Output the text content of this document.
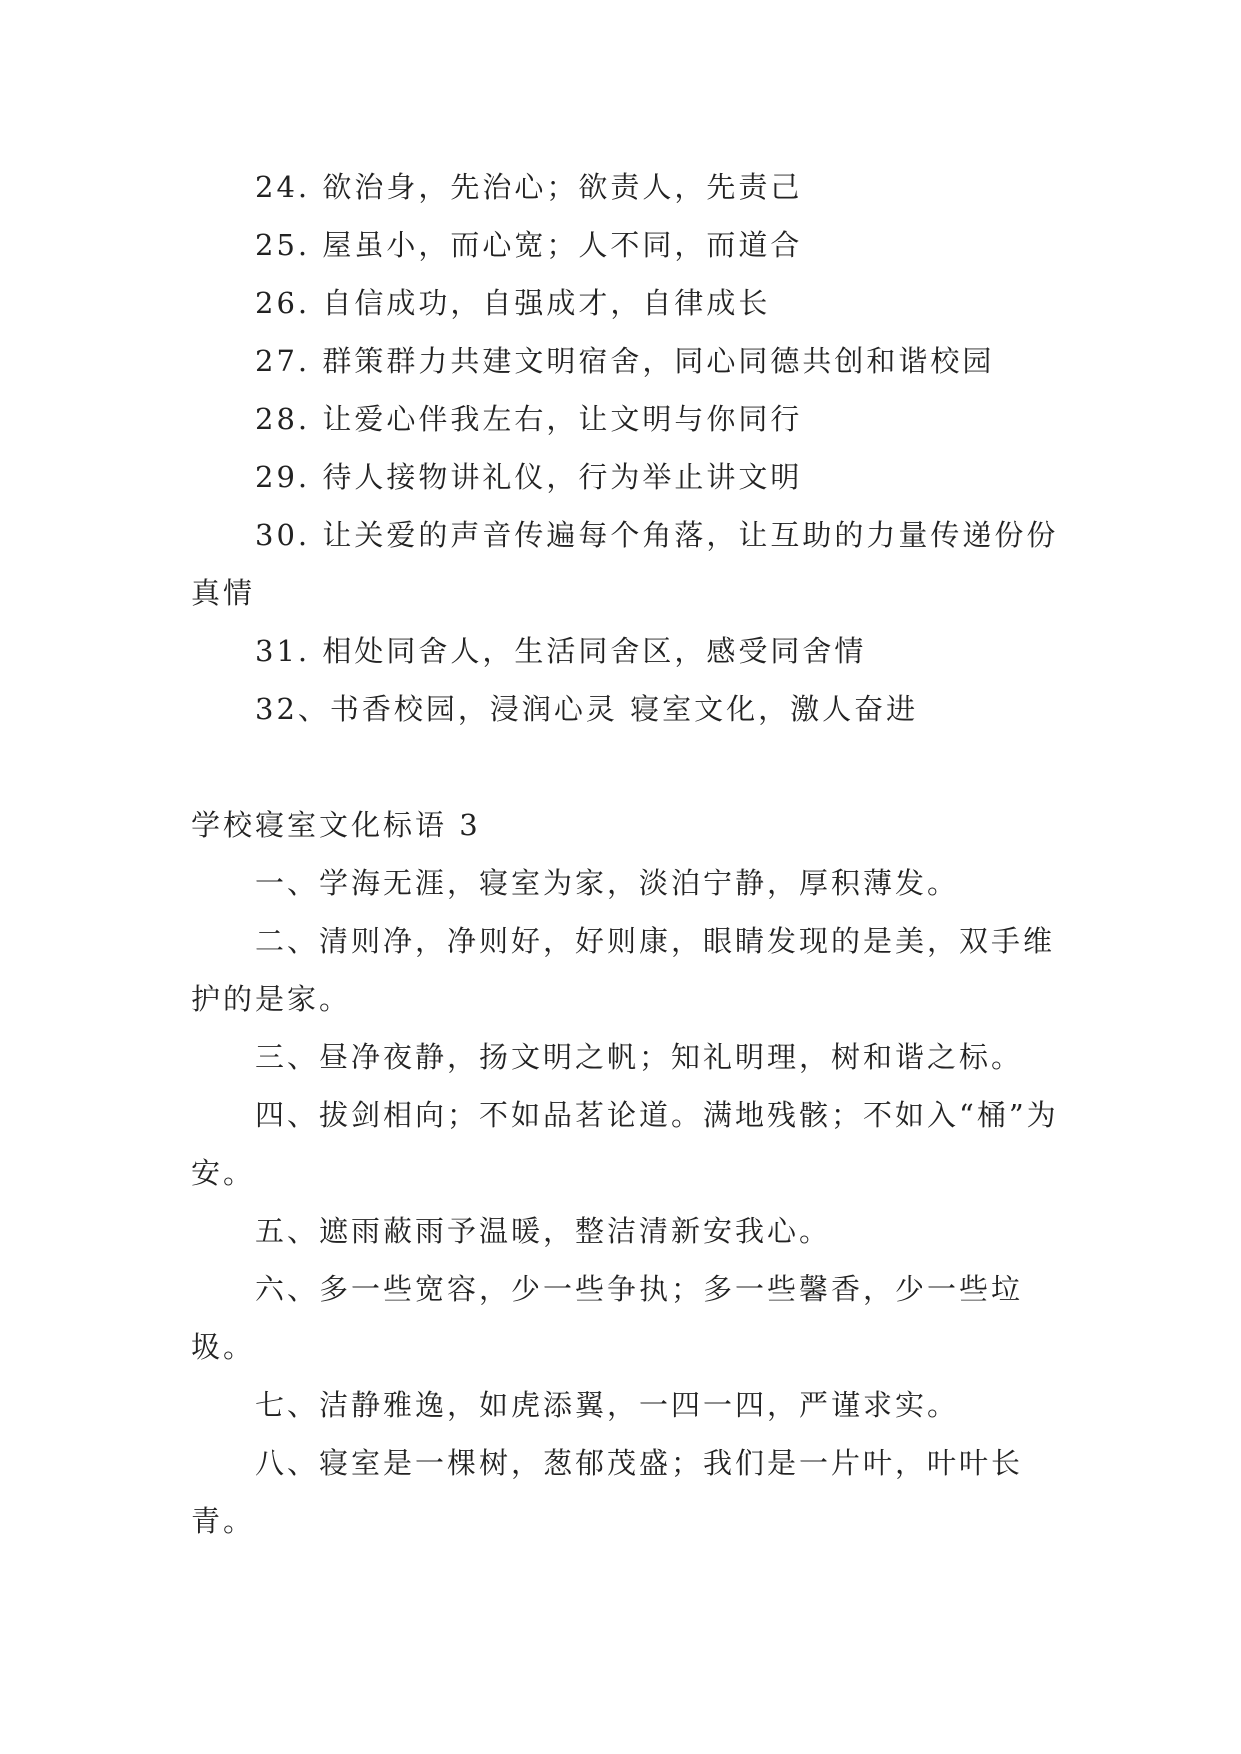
24. 欲治身，先治心；欲责人，先责己

25. 屋虽小，而心宽；人不同，而道合

26. 自信成功，自强成才，自律成长

27. 群策群力共建文明宿舍，同心同德共创和谐校园

28. 让爱心伴我左右，让文明与你同行

29. 待人接物讲礼仪，行为举止讲文明

30. 让关爱的声音传遍每个角落，让互助的力量传递份份真情

31. 相处同舍人，生活同舍区，感受同舍情

32、书香校园，浸润心灵 寝室文化，激人奋进

学校寝室文化标语 3

一、学海无涯，寝室为家，淡泊宁静，厚积薄发。

二、清则净，净则好，好则康，眼睛发现的是美，双手维护的是家。

三、昼净夜静，扬文明之帆；知礼明理，树和谐之标。

四、拔剑相向；不如品茗论道。满地残骸；不如入“桶”为安。

五、遮雨蔽雨予温暖，整洁清新安我心。

六、多一些宽容，少一些争执；多一些馨香，少一些垃圾。

七、洁静雅逸，如虎添翼，一四一四，严谨求实。

八、寝室是一棵树，葱郁茂盛；我们是一片叶，叶叶长青。
